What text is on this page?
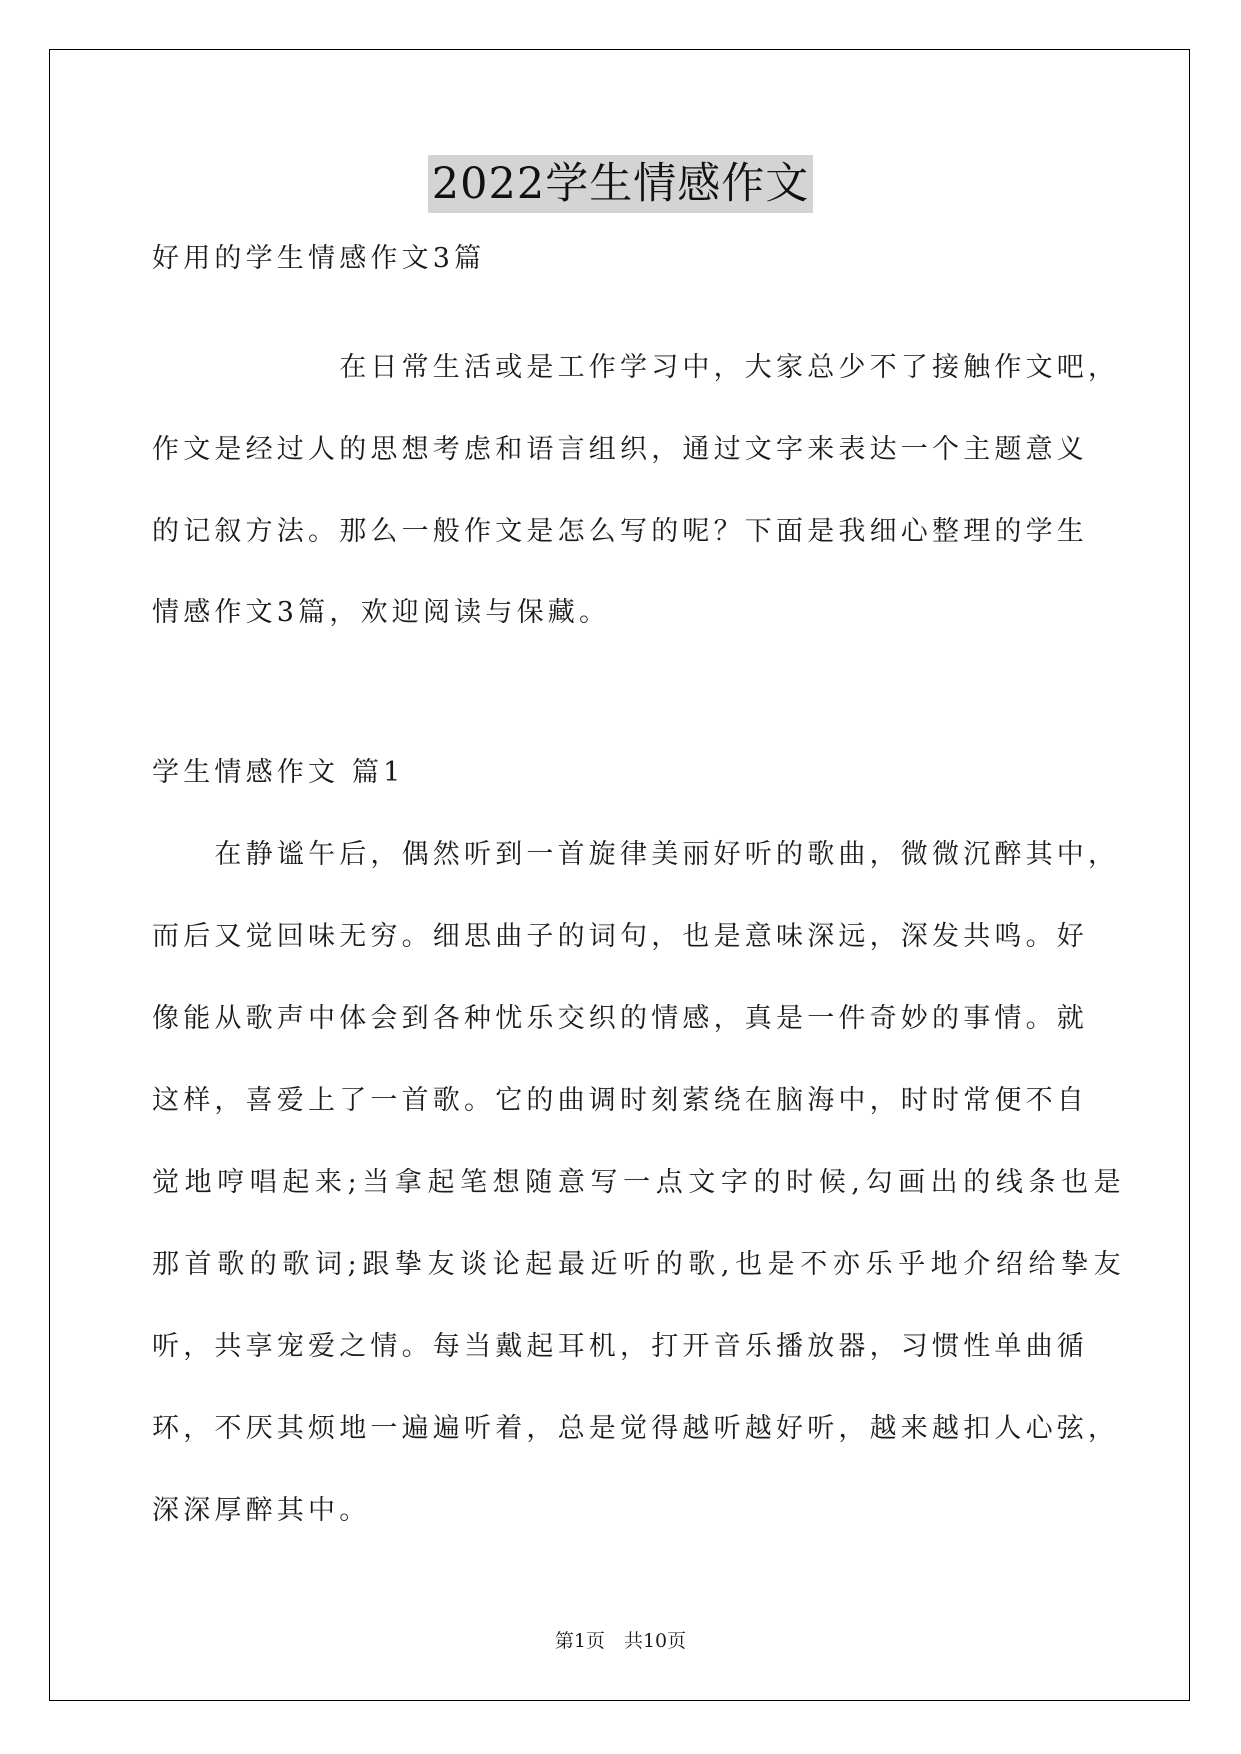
2022学生情感作文
好用的学生情感作文3篇
　　　　　　在日常生活或是工作学习中，大家总少不了接触作文吧，
作文是经过人的思想考虑和语言组织，通过文字来表达一个主题意义
的记叙方法。那么一般作文是怎么写的呢？下面是我细心整理的学生
情感作文3篇，欢迎阅读与保藏。
学生情感作文 篇1
　　在静谧午后，偶然听到一首旋律美丽好听的歌曲，微微沉醉其中，
而后又觉回味无穷。细思曲子的词句，也是意味深远，深发共鸣。好
像能从歌声中体会到各种忧乐交织的情感，真是一件奇妙的事情。就
这样，喜爱上了一首歌。它的曲调时刻萦绕在脑海中，时时常便不自
觉地哼唱起来;当拿起笔想随意写一点文字的时候,勾画出的线条也是
那首歌的歌词;跟挚友谈论起最近听的歌,也是不亦乐乎地介绍给挚友
听，共享宠爱之情。每当戴起耳机，打开音乐播放器，习惯性单曲循
环，不厌其烦地一遍遍听着，总是觉得越听越好听，越来越扣人心弦，
深深厚醉其中。
第1页　共10页
